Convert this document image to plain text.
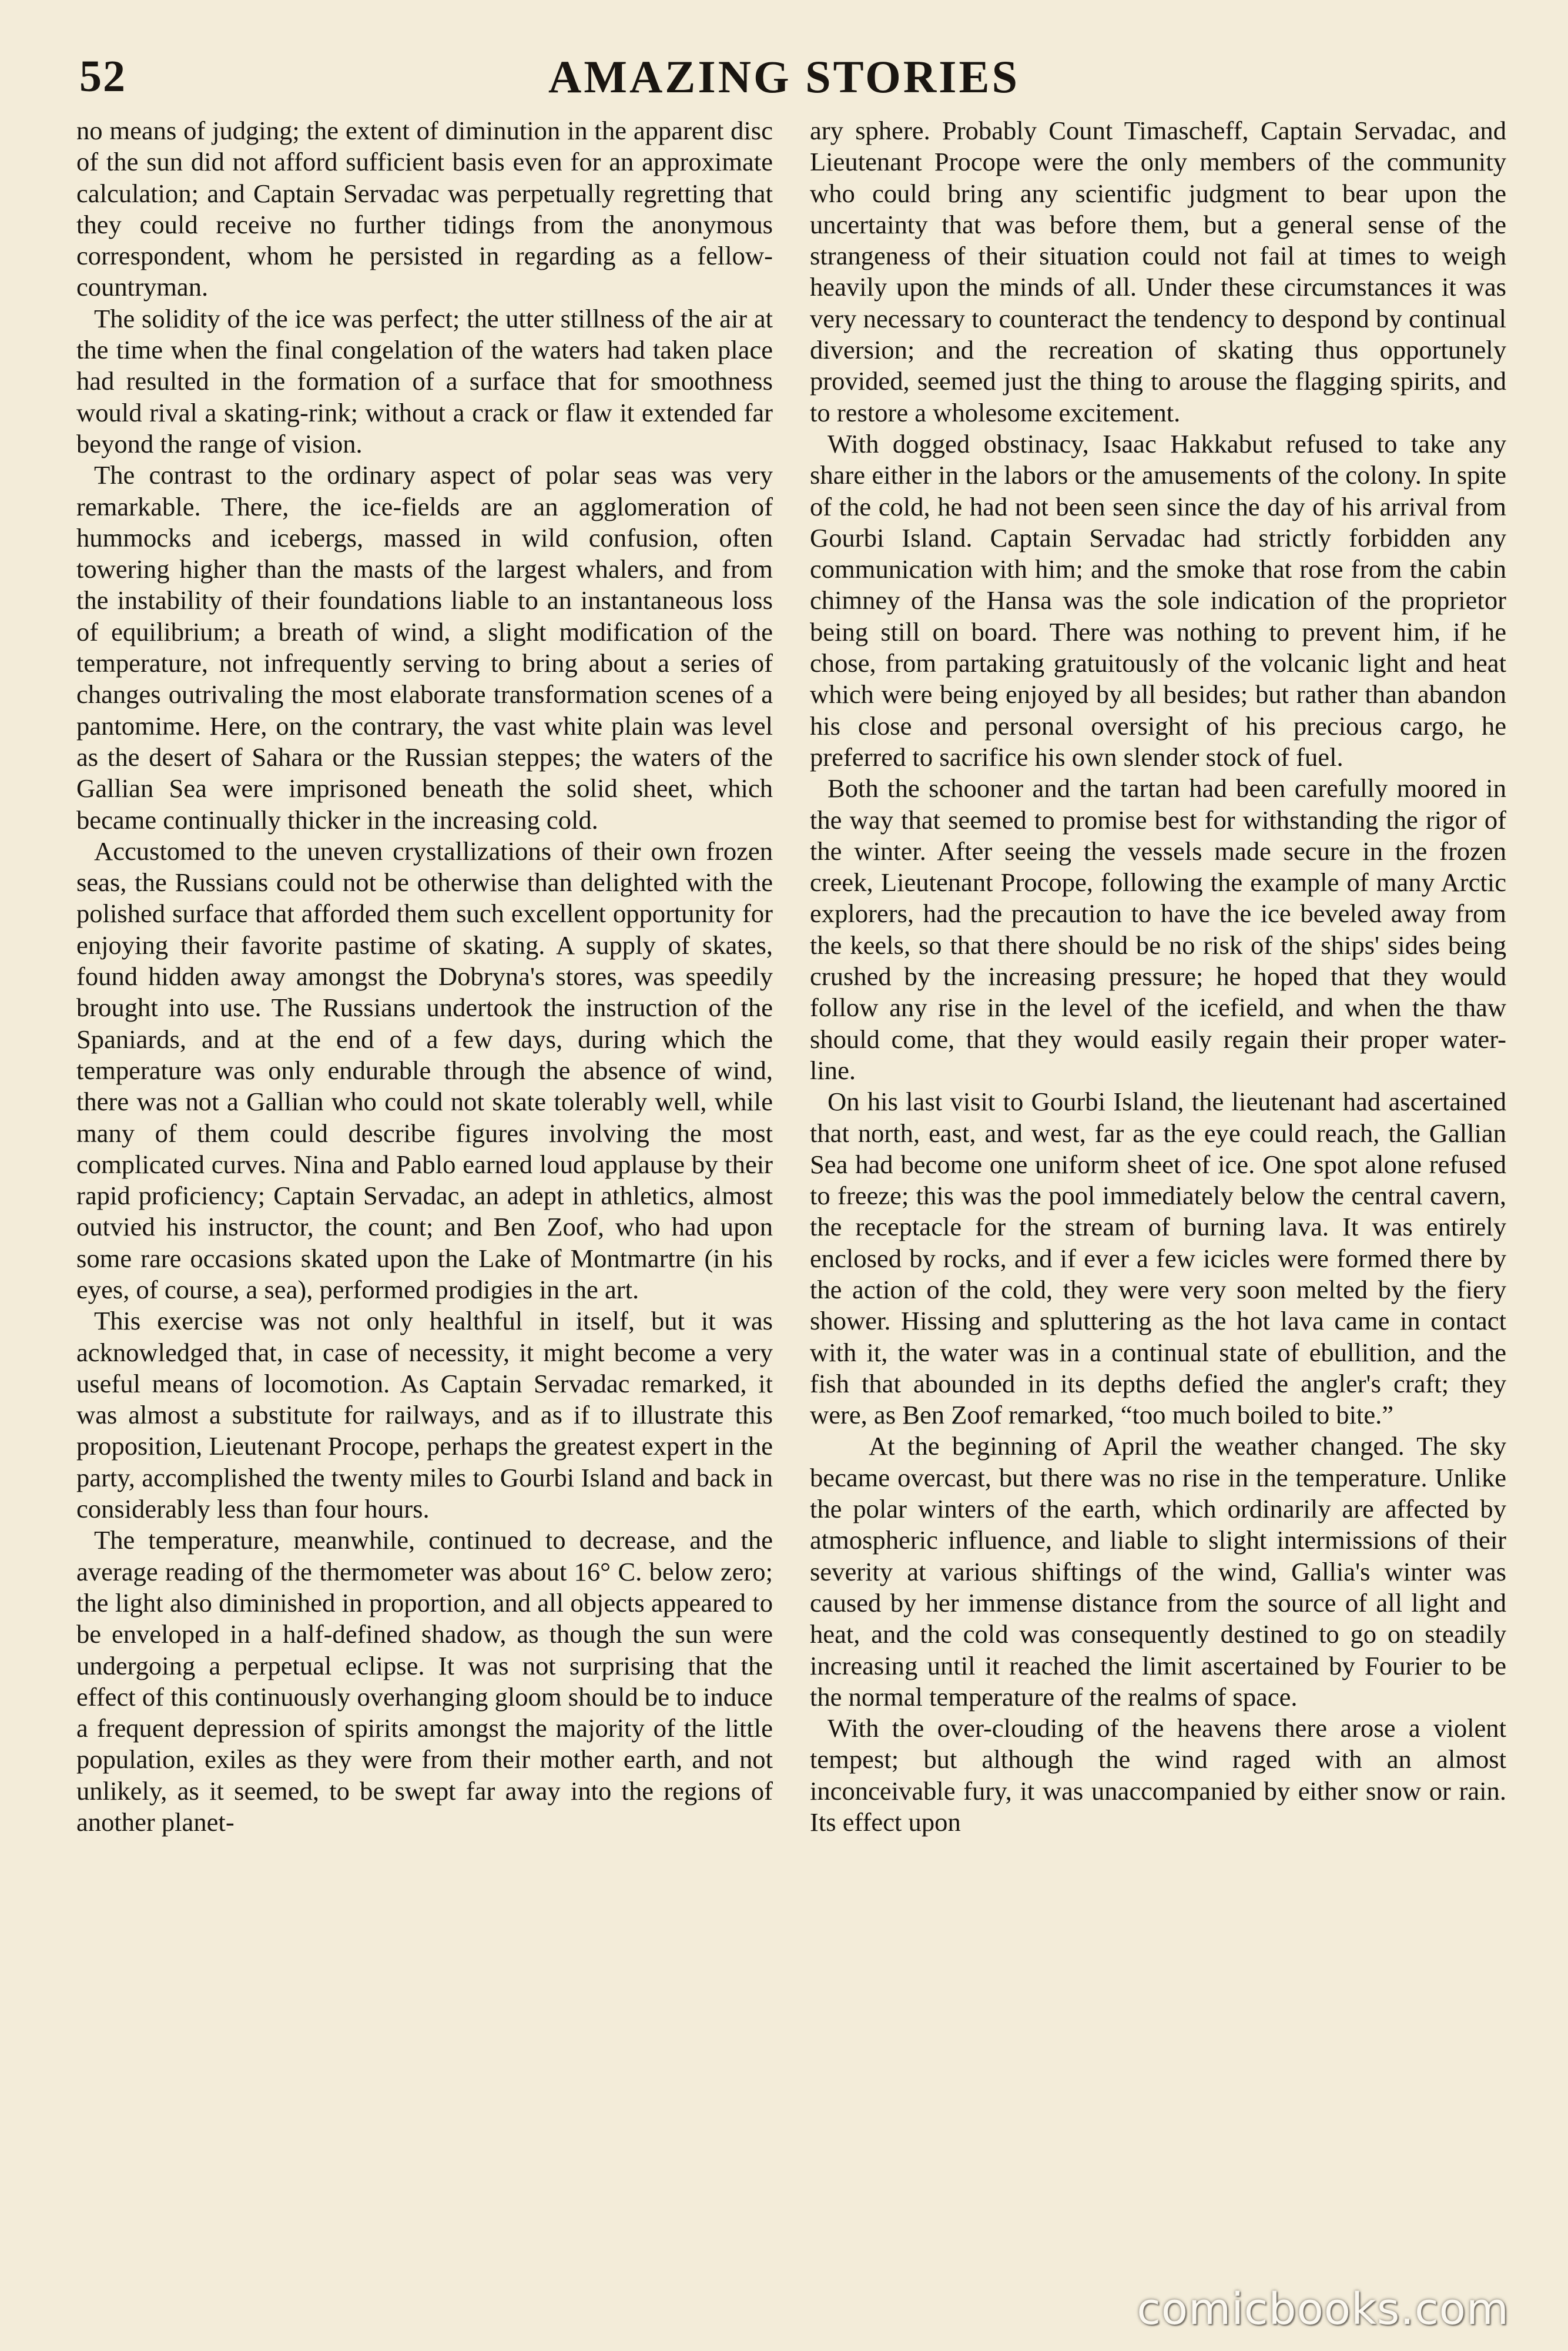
52	AMAZING STORIES

no means of judging; the extent of diminution in the apparent disc of the sun did not afford sufficient basis even for an approximate calculation; and Captain Servadac was perpetually regretting that they could receive no further tidings from the anonymous correspondent, whom he persisted in regarding as a fellow-countryman.

The solidity of the ice was perfect; the utter stillness of the air at the time when the final congelation of the waters had taken place had resulted in the formation of a surface that for smoothness would rival a skating-rink; without a crack or flaw it extended far beyond the range of vision.

The contrast to the ordinary aspect of polar seas was very remarkable. There, the ice-fields are an agglomeration of hummocks and icebergs, massed in wild confusion, often towering higher than the masts of the largest whalers, and from the instability of their foundations liable to an instantaneous loss of equilibrium; a breath of wind, a slight modification of the temperature, not infrequently serving to bring about a series of changes outrivaling the most elaborate transformation scenes of a pantomime. Here, on the contrary, the vast white plain was level as the desert of Sahara or the Russian steppes; the waters of the Gallian Sea were imprisoned beneath the solid sheet, which became continually thicker in the increasing cold.

Accustomed to the uneven crystallizations of their own frozen seas, the Russians could not be otherwise than delighted with the polished surface that afforded them such excellent opportunity for enjoying their favorite pastime of skating. A supply of skates, found hidden away amongst the Dobryna's stores, was speedily brought into use. The Russians undertook the instruction of the Spaniards, and at the end of a few days, during which the temperature was only endurable through the absence of wind, there was not a Gallian who could not skate tolerably well, while many of them could describe figures involving the most complicated curves. Nina and Pablo earned loud applause by their rapid proficiency; Captain Servadac, an adept in athletics, almost outvied his instructor, the count; and Ben Zoof, who had upon some rare occasions skated upon the Lake of Montmartre (in his eyes, of course, a sea), performed prodigies in the art.

This exercise was not only healthful in itself, but it was acknowledged that, in case of necessity, it might become a very useful means of locomotion. As Captain Servadac remarked, it was almost a substitute for railways, and as if to illustrate this proposition, Lieutenant Procope, perhaps the greatest expert in the party, accomplished the twenty miles to Gourbi Island and back in considerably less than four hours.

The temperature, meanwhile, continued to decrease, and the average reading of the thermometer was about 16° C. below zero; the light also diminished in proportion, and all objects appeared to be enveloped in a half-defined shadow, as though the sun were undergoing a perpetual eclipse. It was not surprising that the effect of this continuously overhanging gloom should be to induce a frequent depression of spirits amongst the majority of the little population, exiles as they were from their mother earth, and not unlikely, as it seemed, to be swept far away into the regions of another planet-

ary sphere. Probably Count Timascheff, Captain Servadac, and Lieutenant Procope were the only members of the community who could bring any scientific judgment to bear upon the uncertainty that was before them, but a general sense of the strangeness of their situation could not fail at times to weigh heavily upon the minds of all. Under these circumstances it was very necessary to counteract the tendency to despond by continual diversion; and the recreation of skating thus opportunely provided, seemed just the thing to arouse the flagging spirits, and to restore a wholesome excitement.

With dogged obstinacy, Isaac Hakkabut refused to take any share either in the labors or the amusements of the colony. In spite of the cold, he had not been seen since the day of his arrival from Gourbi Island. Captain Servadac had strictly forbidden any communication with him; and the smoke that rose from the cabin chimney of the Hansa was the sole indication of the proprietor being still on board. There was nothing to prevent him, if he chose, from partaking gratuitously of the volcanic light and heat which were being enjoyed by all besides; but rather than abandon his close and personal oversight of his precious cargo, he preferred to sacrifice his own slender stock of fuel.

Both the schooner and the tartan had been carefully moored in the way that seemed to promise best for withstanding the rigor of the winter. After seeing the vessels made secure in the frozen creek, Lieutenant Procope, following the example of many Arctic explorers, had the precaution to have the ice beveled away from the keels, so that there should be no risk of the ships' sides being crushed by the increasing pressure; he hoped that they would follow any rise in the level of the icefield, and when the thaw should come, that they would easily regain their proper water-line.

On his last visit to Gourbi Island, the lieutenant had ascertained that north, east, and west, far as the eye could reach, the Gallian Sea had become one uniform sheet of ice. One spot alone refused to freeze; this was the pool immediately below the central cavern, the receptacle for the stream of burning lava. It was entirely enclosed by rocks, and if ever a few icicles were formed there by the action of the cold, they were very soon melted by the fiery shower. Hissing and spluttering as the hot lava came in contact with it, the water was in a continual state of ebullition, and the fish that abounded in its depths defied the angler's craft; they were, as Ben Zoof remarked, “too much boiled to bite.”

At the beginning of April the weather changed. The sky became overcast, but there was no rise in the temperature. Unlike the polar winters of the earth, which ordinarily are affected by atmospheric influence, and liable to slight intermissions of their severity at various shiftings of the wind, Gallia's winter was caused by her immense distance from the source of all light and heat, and the cold was consequently destined to go on steadily increasing until it reached the limit ascertained by Fourier to be the normal temperature of the realms of space.

With the over-clouding of the heavens there arose a violent tempest; but although the wind raged with an almost inconceivable fury, it was unaccompanied by either snow or rain. Its effect upon

comicbooks.com
